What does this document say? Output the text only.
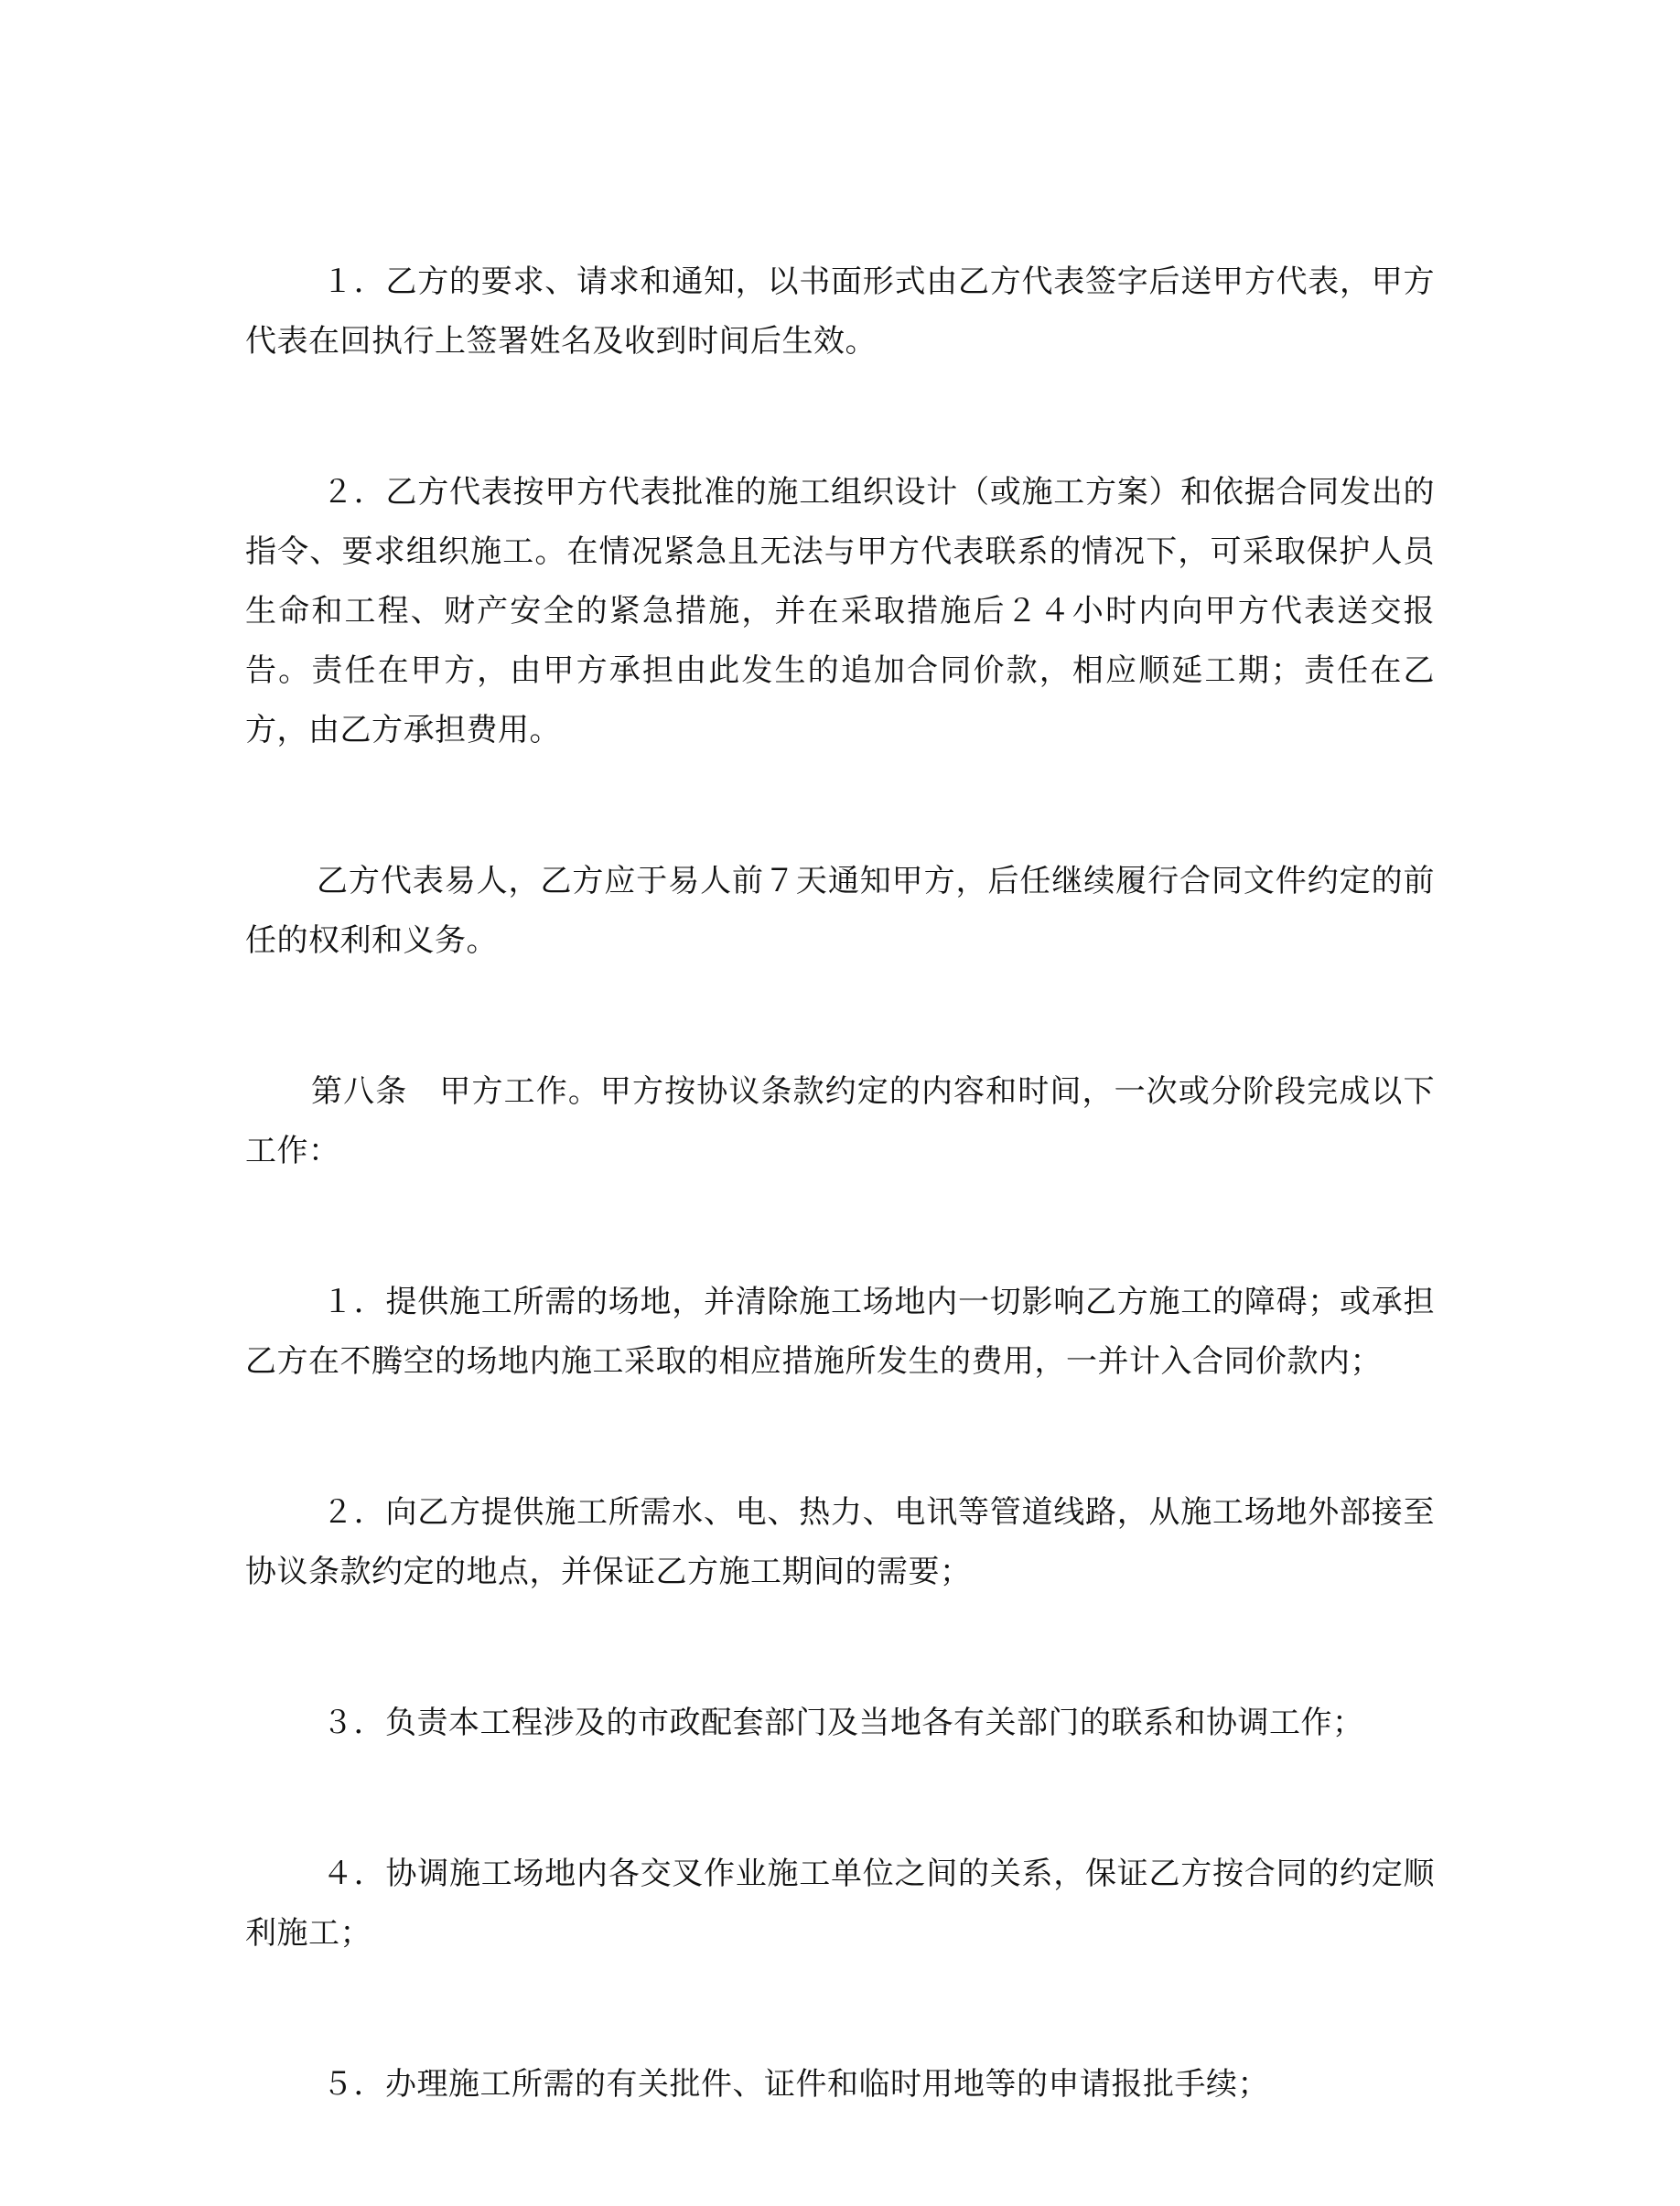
１．乙方的要求、请求和通知，以书面形式由乙方代表签字后送甲方代表，甲方代表在回执行上签署姓名及收到时间后生效。

２．乙方代表按甲方代表批准的施工组织设计（或施工方案）和依据合同发出的指令、要求组织施工。在情况紧急且无法与甲方代表联系的情况下，可采取保护人员生命和工程、财产安全的紧急措施，并在采取措施后２４小时内向甲方代表送交报告。责任在甲方，由甲方承担由此发生的追加合同价款，相应顺延工期；责任在乙方，由乙方承担费用。

乙方代表易人，乙方应于易人前７天通知甲方，后任继续履行合同文件约定的前任的权利和义务。

第八条　甲方工作。甲方按协议条款约定的内容和时间，一次或分阶段完成以下工作：

１．提供施工所需的场地，并清除施工场地内一切影响乙方施工的障碍；或承担乙方在不腾空的场地内施工采取的相应措施所发生的费用，一并计入合同价款内；

２．向乙方提供施工所需水、电、热力、电讯等管道线路，从施工场地外部接至协议条款约定的地点，并保证乙方施工期间的需要；

３．负责本工程涉及的市政配套部门及当地各有关部门的联系和协调工作；

４．协调施工场地内各交叉作业施工单位之间的关系，保证乙方按合同的约定顺利施工；

５．办理施工所需的有关批件、证件和临时用地等的申请报批手续；
